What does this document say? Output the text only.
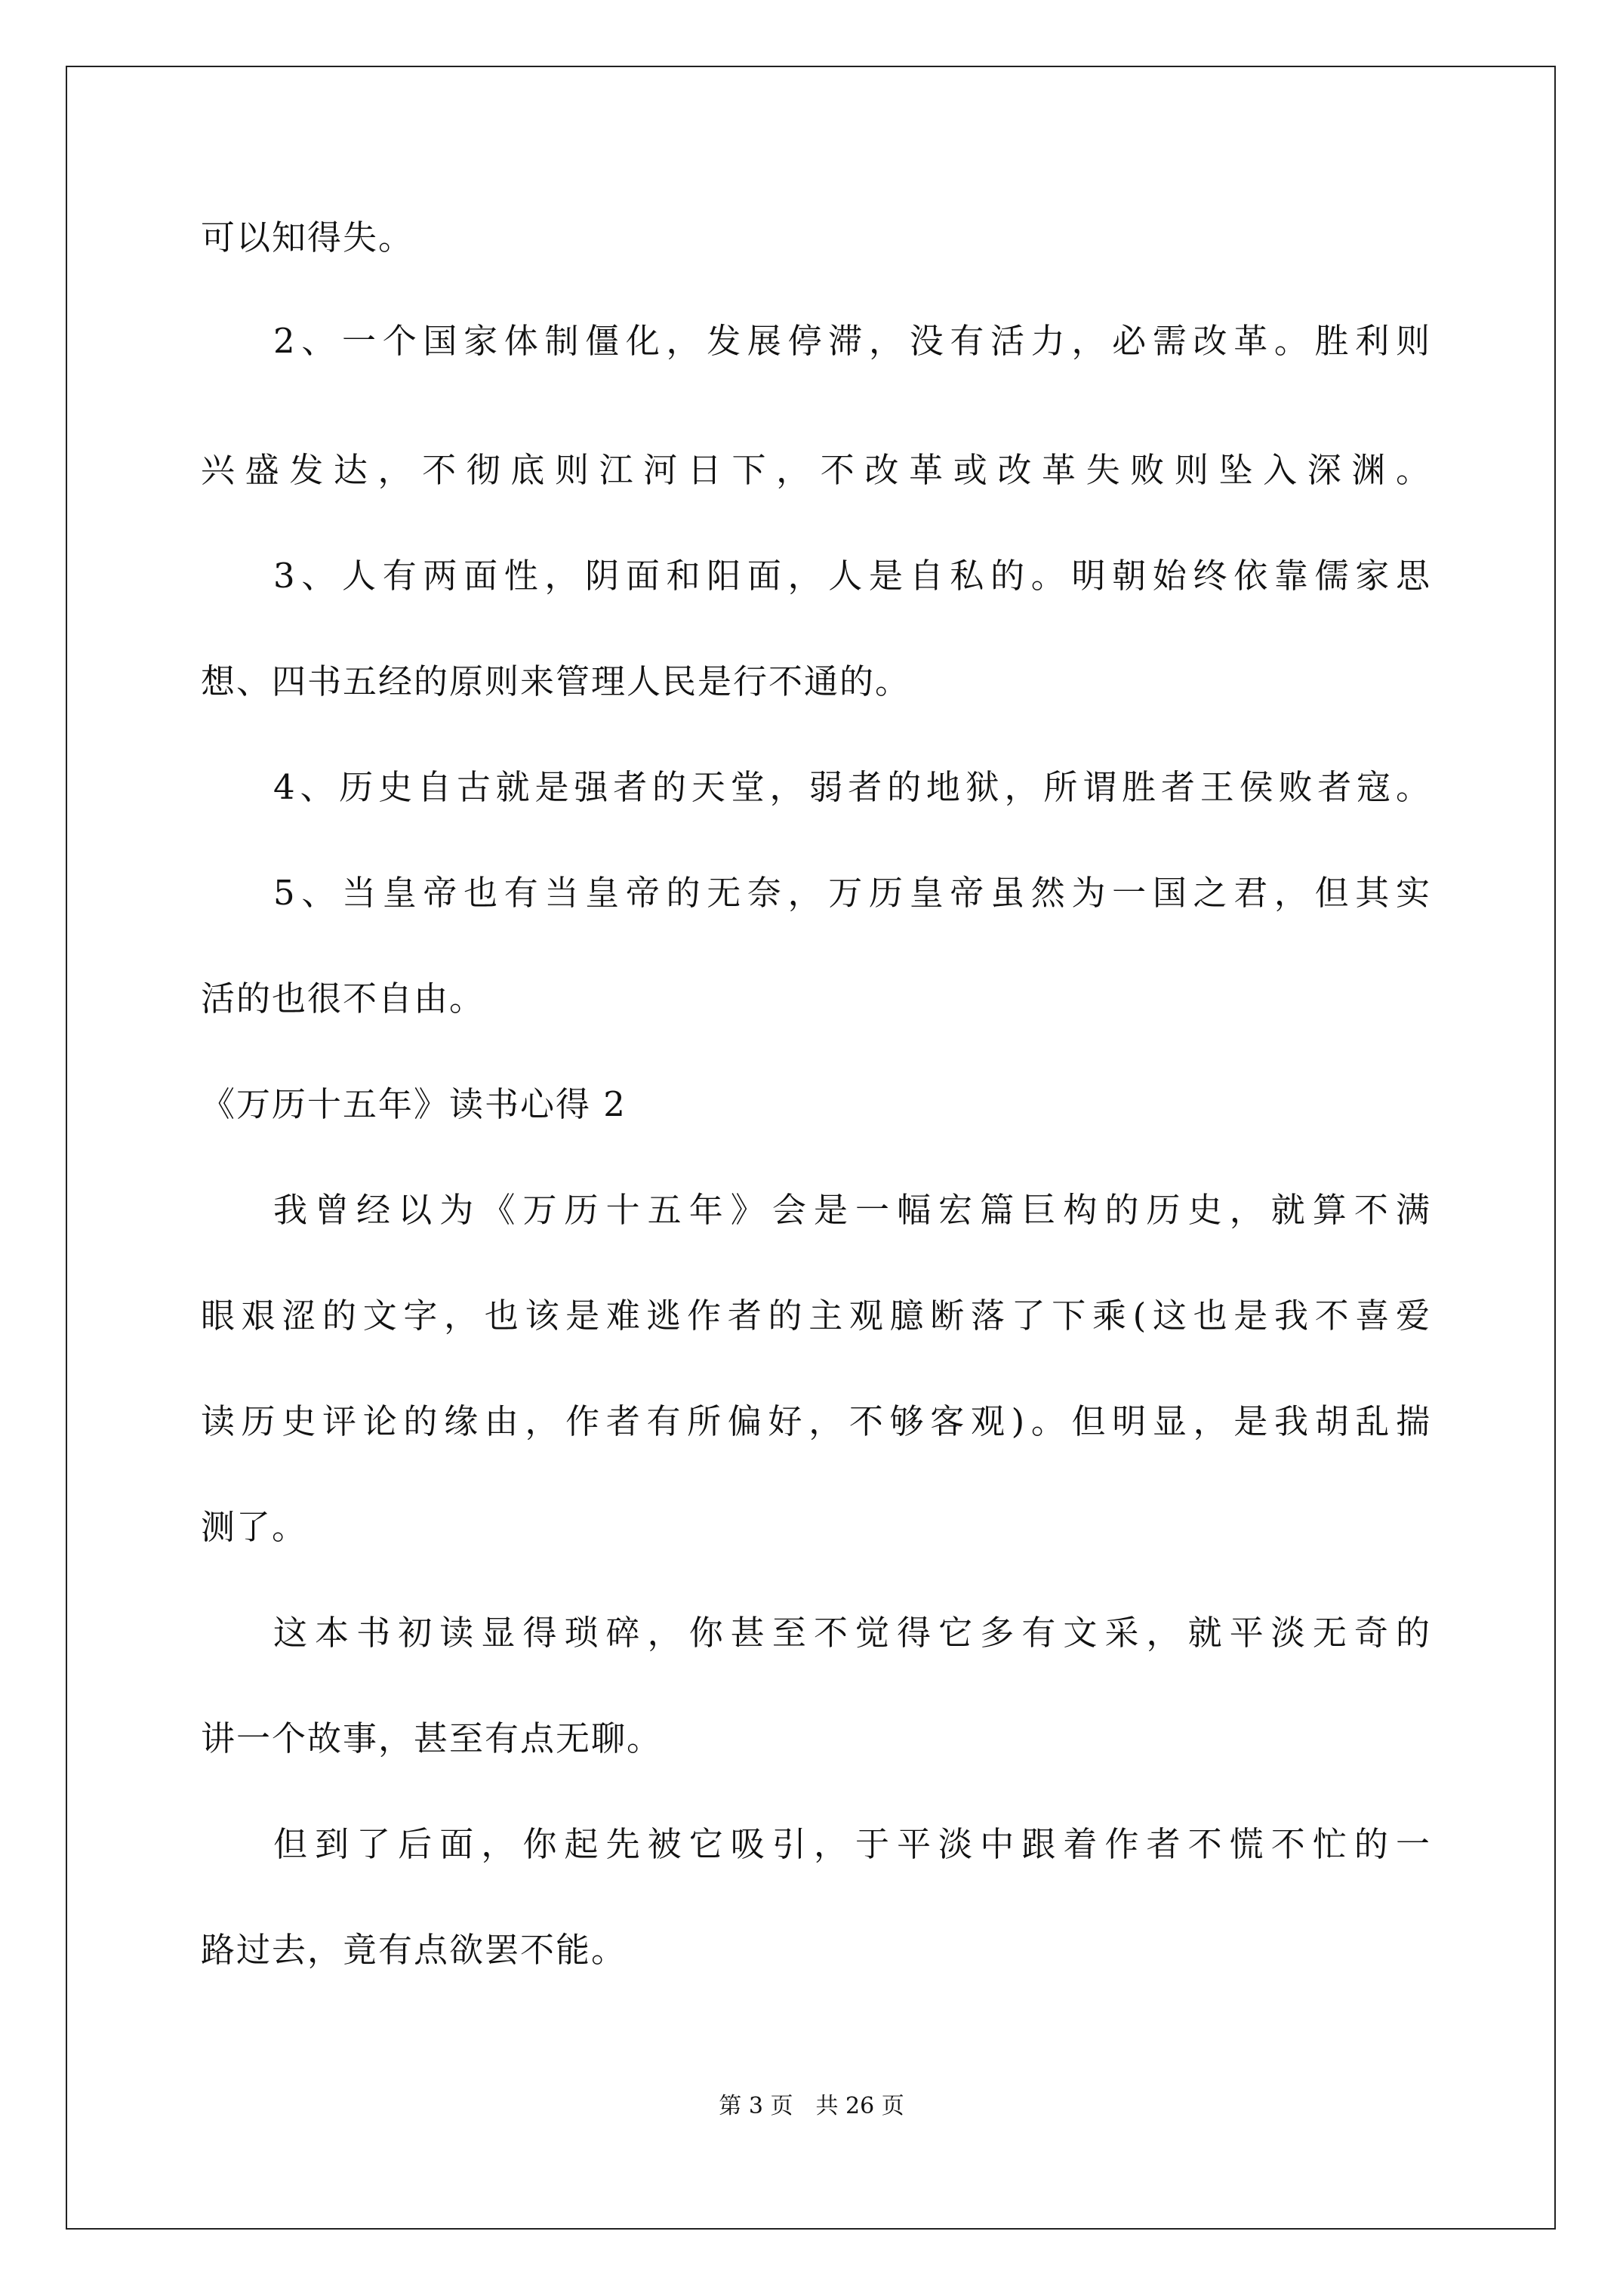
可以知得失。
2、一个国家体制僵化，发展停滞，没有活力，必需改革。胜利则
兴盛发达，不彻底则江河日下，不改革或改革失败则坠入深渊。
3、人有两面性，阴面和阳面，人是自私的。明朝始终依靠儒家思
想、四书五经的原则来管理人民是行不通的。
4、历史自古就是强者的天堂，弱者的地狱，所谓胜者王侯败者寇。
5、当皇帝也有当皇帝的无奈，万历皇帝虽然为一国之君，但其实
活的也很不自由。
《万历十五年》读书心得 2
我曾经以为《万历十五年》会是一幅宏篇巨构的历史，就算不满
眼艰涩的文字，也该是难逃作者的主观臆断落了下乘(这也是我不喜爱
读历史评论的缘由，作者有所偏好，不够客观)。但明显，是我胡乱揣
测了。
这本书初读显得琐碎，你甚至不觉得它多有文采，就平淡无奇的
讲一个故事，甚至有点无聊。
但到了后面，你起先被它吸引，于平淡中跟着作者不慌不忙的一
路过去，竟有点欲罢不能。
第 3 页　共 26 页
